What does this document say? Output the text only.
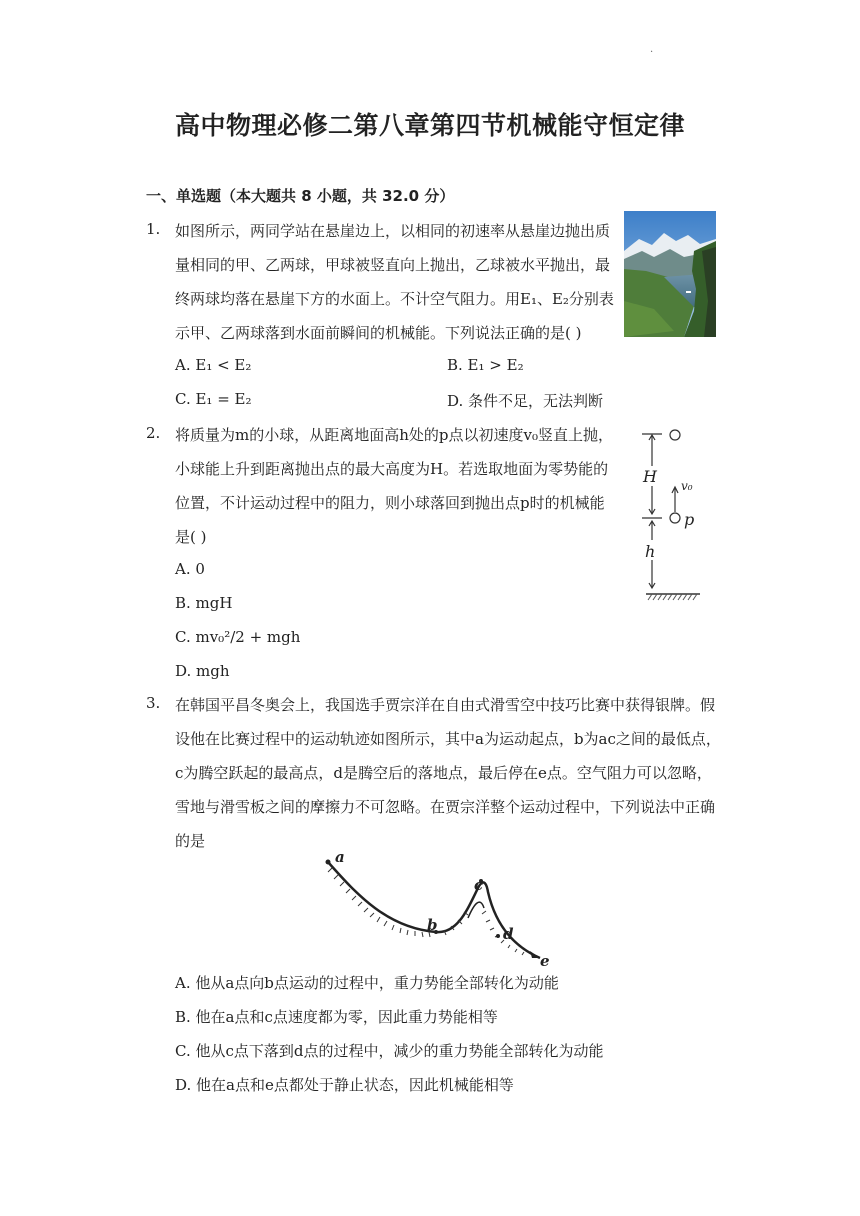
.
高中物理必修二第八章第四节机械能守恒定律
一、单选题（本大题共 8 小题，共 32.0 分）
1. 如图所示，两同学站在悬崖边上，以相同的初速率从悬崖边抛出质
量相同的甲、乙两球，甲球被竖直向上抛出，乙球被水平抛出，最
终两球均落在悬崖下方的水面上。不计空气阻力。用E₁、E₂分别表
示甲、乙两球落到水面前瞬间的机械能。下列说法正确的是( )
A. E₁ < E₂	B. E₁ > E₂
C. E₁ = E₂	D. 条件不足，无法判断
2. 将质量为m的小球，从距离地面高h处的p点以初速度v₀竖直上抛，
小球能上升到距离抛出点的最大高度为H。若选取地面为零势能的
位置，不计运动过程中的阻力，则小球落回到抛出点p时的机械能
是( )
A. 0
B. mgH
C. mv₀²/2 + mgh
D. mgh
H
h
v₀
p
3. 在韩国平昌冬奥会上，我国选手贾宗洋在自由式滑雪空中技巧比赛中获得银牌。假
设他在比赛过程中的运动轨迹如图所示，其中a为运动起点，b为ac之间的最低点，
c为腾空跃起的最高点，d是腾空后的落地点，最后停在e点。空气阻力可以忽略，
雪地与滑雪板之间的摩擦力不可忽略。在贾宗洋整个运动过程中，下列说法中正确
的是
a
b
c
d
e
A. 他从a点向b点运动的过程中，重力势能全部转化为动能
B. 他在a点和c点速度都为零，因此重力势能相等
C. 他从c点下落到d点的过程中，减少的重力势能全部转化为动能
D. 他在a点和e点都处于静止状态，因此机械能相等
